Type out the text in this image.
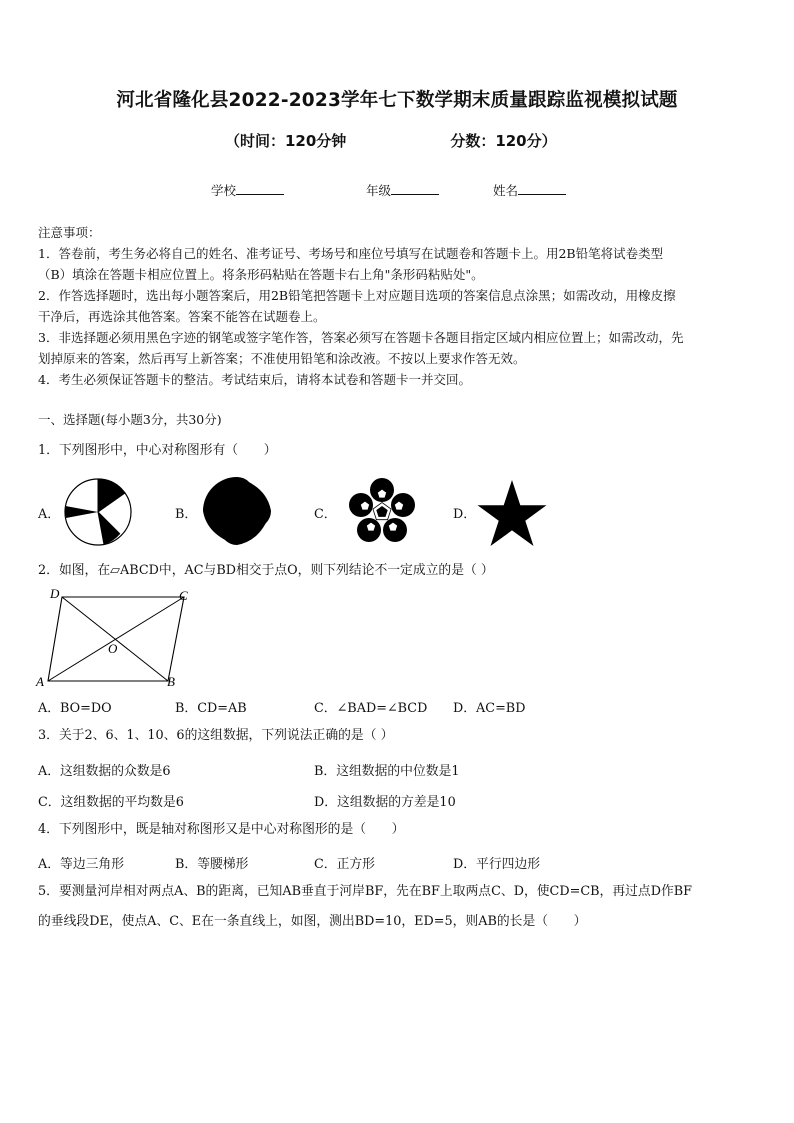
河北省隆化县2022-2023学年七下数学期末质量跟踪监视模拟试题
（时间：120分钟	分数：120分）
学校	年级	姓名

注意事项：

1．答卷前，考生务必将自己的姓名、准考证号、考场号和座位号填写在试题卷和答题卡上。用2B铅笔将试卷类型

（B）填涂在答题卡相应位置上。将条形码粘贴在答题卡右上角"条形码粘贴处"。

2．作答选择题时，选出每小题答案后，用2B铅笔把答题卡上对应题目选项的答案信息点涂黑；如需改动，用橡皮擦

干净后，再选涂其他答案。答案不能答在试题卷上。

3．非选择题必须用黑色字迹的钢笔或签字笔作答，答案必须写在答题卡各题目指定区域内相应位置上；如需改动，先

划掉原来的答案，然后再写上新答案；不准使用铅笔和涂改液。不按以上要求作答无效。

4．考生必须保证答题卡的整洁。考试结束后，请将本试卷和答题卡一并交回。

一、选择题(每小题3分，共30分)
1．下列图形中，中心对称图形有（　　）
A．	B．	C．	D．
2．如图，在▱ABCD中，AC与BD相交于点O，则下列结论不一定成立的是（ ）
D	C
A	B
O
A．BO=DO	B．CD=AB	C．∠BAD=∠BCD D．AC=BD
3．关于2、6、1、10、6的这组数据，下列说法正确的是（ ）
A．这组数据的众数是6	B．这组数据的中位数是1
C．这组数据的平均数是6	D．这组数据的方差是10
4．下列图形中，既是轴对称图形又是中心对称图形的是（　　）
A．等边三角形	B．等腰梯形	C．正方形	D．平行四边形
5．要测量河岸相对两点A、B的距离，已知AB垂直于河岸BF，先在BF上取两点C、D，使CD=CB，再过点D作BF
的垂线段DE，使点A、C、E在一条直线上，如图，测出BD=10，ED=5，则AB的长是（　　）
